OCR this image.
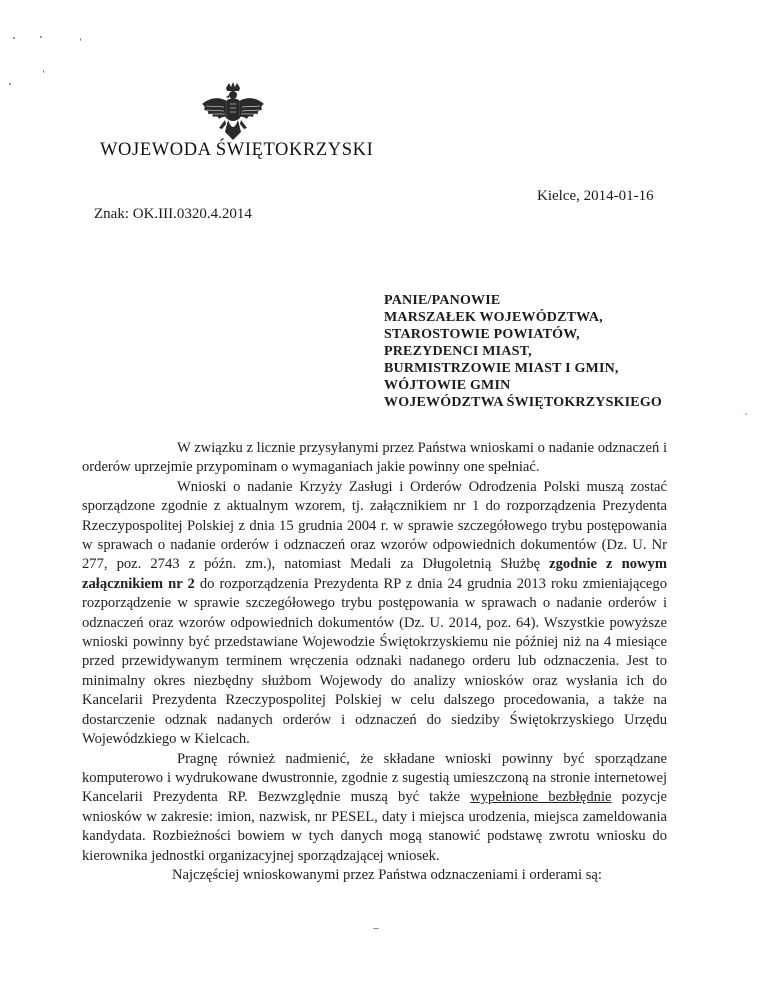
WOJEWODA ŚWIĘTOKRZYSKI
Kielce, 2014-01-16
Znak: OK.III.0320.4.2014
PANIE/PANOWIE
MARSZAŁEK WOJEWÓDZTWA,
STAROSTOWIE POWIATÓW,
PREZYDENCI MIAST,
BURMISTRZOWIE MIAST I GMIN,
WÓJTOWIE GMIN
WOJEWÓDZTWA ŚWIĘTOKRZYSKIEGO

W związku z licznie przysyłanymi przez Państwa wnioskami o nadanie odznaczeń i orderów uprzejmie przypominam o wymaganiach jakie powinny one spełniać.

Wnioski o nadanie Krzyży Zasługi i Orderów Odrodzenia Polski muszą zostać sporządzone zgodnie z aktualnym wzorem, tj. załącznikiem nr 1 do rozporządzenia Prezydenta Rzeczypospolitej Polskiej z dnia 15 grudnia 2004 r. w sprawie szczegółowego trybu postępowania w sprawach o nadanie orderów i odznaczeń oraz wzorów odpowiednich dokumentów (Dz. U. Nr 277, poz. 2743 z późn. zm.), natomiast Medali za Długoletnią Służbę zgodnie z nowym załącznikiem nr 2 do rozporządzenia Prezydenta RP z dnia 24 grudnia 2013 roku zmieniającego rozporządzenie w sprawie szczegółowego trybu postępowania w sprawach o nadanie orderów i odznaczeń oraz wzorów odpowiednich dokumentów (Dz. U. 2014, poz. 64). Wszystkie powyższe wnioski powinny być przedstawiane Wojewodzie Świętokrzyskiemu nie później niż na 4 miesiące przed przewidywanym terminem wręczenia odznaki nadanego orderu lub odznaczenia. Jest to minimalny okres niezbędny służbom Wojewody do analizy wniosków oraz wysłania ich do Kancelarii Prezydenta Rzeczypospolitej Polskiej w celu dalszego procedowania, a także na dostarczenie odznak nadanych orderów i odznaczeń do siedziby Świętokrzyskiego Urzędu Wojewódzkiego w Kielcach.

Pragnę również nadmienić, że składane wnioski powinny być sporządzane komputerowo i wydrukowane dwustronnie, zgodnie z sugestią umieszczoną na stronie internetowej Kancelarii Prezydenta RP. Bezwzględnie muszą być także wypełnione bezbłędnie pozycje wniosków w zakresie: imion, nazwisk, nr PESEL, daty i miejsca urodzenia, miejsca zameldowania kandydata. Rozbieżności bowiem w tych danych mogą stanowić podstawę zwrotu wniosku do kierownika jednostki organizacyjnej sporządzającej wniosek.

Najczęściej wnioskowanymi przez Państwa odznaczeniami i orderami są:
